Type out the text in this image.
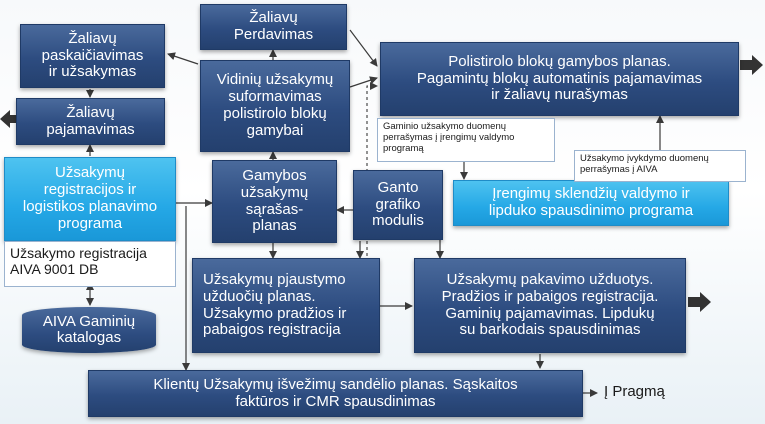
Žaliavų
paskaičiavimas
ir užsakymas
Žaliavų
Perdavimas
Vidinių užsakymų
suformavimas
polistirolo blokų
gamybai
Polistirolo blokų gamybos planas.
Pagamintų blokų automatinis pajamavimas
ir žaliavų nurašymas
Žaliavų
pajamavimas
Užsakymų
registracijos ir
logistikos planavimo
programa
Užsakymo registracija
AIVA 9001 DB
AIVA Gaminių
katalogas
Gamybos
užsakymų
sąrašas-
planas
Ganto
grafiko
modulis
Įrengimų sklendžių valdymo ir
lipduko spausdinimo programa
Gaminio užsakymo duomenų
perrašymas į įrengimų valdymo
programą
Užsakymo įvykdymo duomenų
perrašymas į AIVA
Užsakymų pjaustymo
užduočių planas.
Užsakymo pradžios ir
pabaigos registracija
Užsakymų pakavimo užduotys.
Pradžios ir pabaigos registracija.
Gaminių pajamavimas. Lipdukų
su barkodais spausdinimas
Klientų Užsakymų išvežimų sandėlio planas. Sąskaitos
faktūros ir CMR spausdinimas
Į Pragmą
